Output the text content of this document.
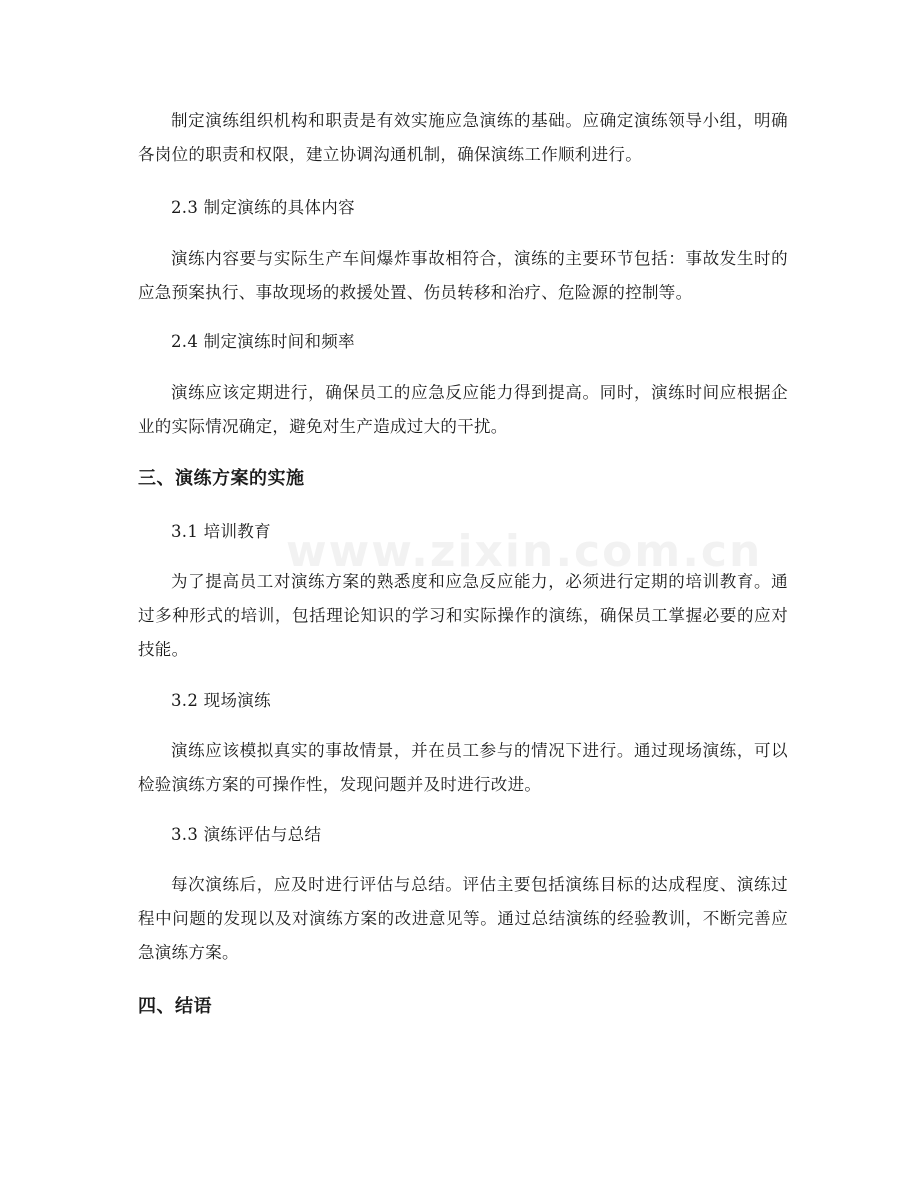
制定演练组织机构和职责是有效实施应急演练的基础。应确定演练领导小组，明确各岗位的职责和权限，建立协调沟通机制，确保演练工作顺利进行。

2.3 制定演练的具体内容

演练内容要与实际生产车间爆炸事故相符合，演练的主要环节包括：事故发生时的应急预案执行、事故现场的救援处置、伤员转移和治疗、危险源的控制等。

2.4 制定演练时间和频率

演练应该定期进行，确保员工的应急反应能力得到提高。同时，演练时间应根据企业的实际情况确定，避免对生产造成过大的干扰。

三、演练方案的实施

3.1 培训教育

为了提高员工对演练方案的熟悉度和应急反应能力，必须进行定期的培训教育。通过多种形式的培训，包括理论知识的学习和实际操作的演练，确保员工掌握必要的应对技能。

3.2 现场演练

演练应该模拟真实的事故情景，并在员工参与的情况下进行。通过现场演练，可以检验演练方案的可操作性，发现问题并及时进行改进。

3.3 演练评估与总结

每次演练后，应及时进行评估与总结。评估主要包括演练目标的达成程度、演练过程中问题的发现以及对演练方案的改进意见等。通过总结演练的经验教训，不断完善应急演练方案。

四、结语

www.zixin.com.cn
